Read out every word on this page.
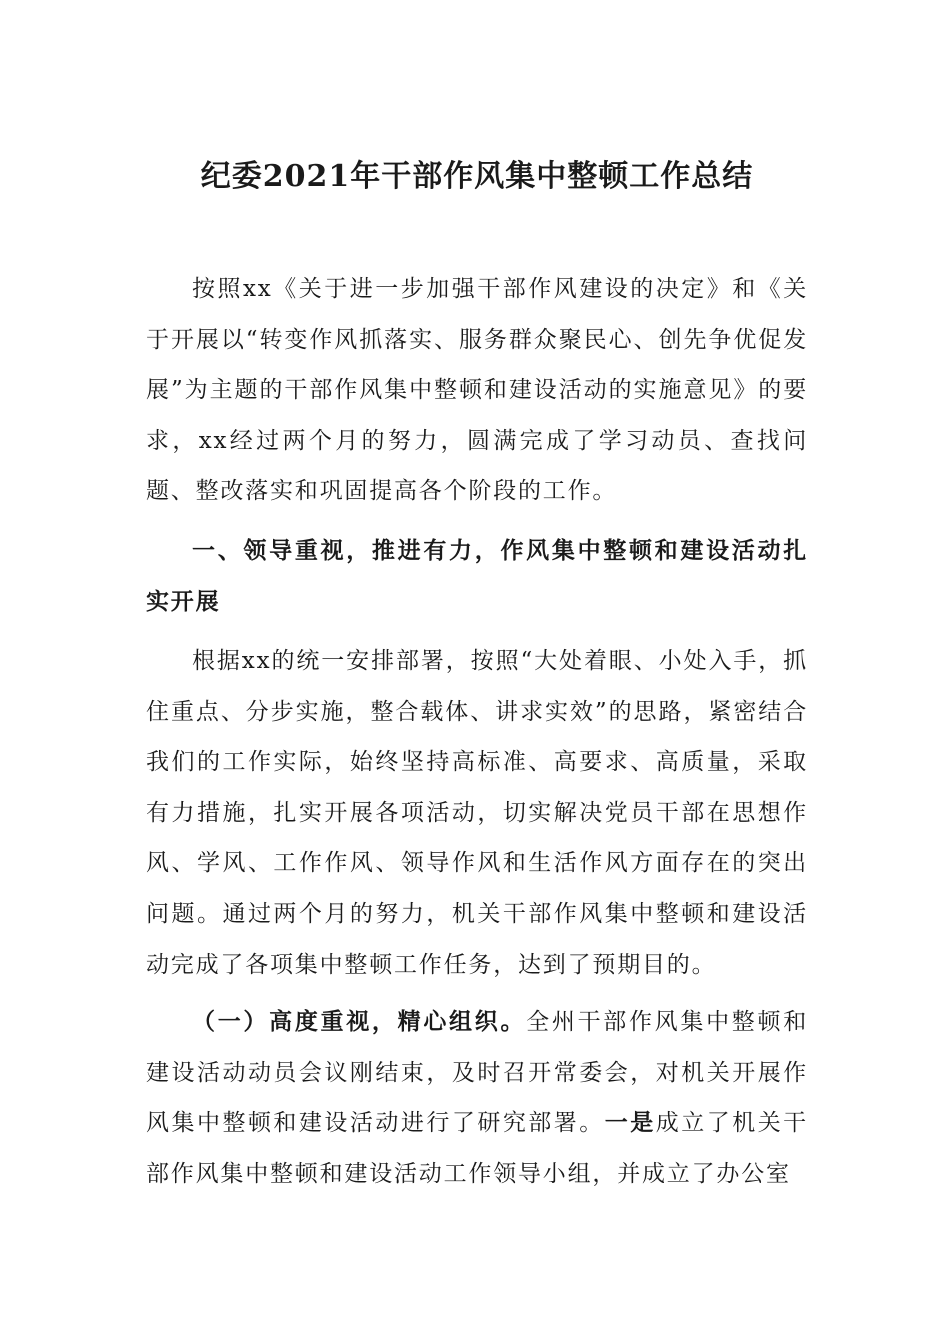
纪委2021年干部作风集中整顿工作总结

按照xx《关于进一步加强干部作风建设的决定》和《关于开展以“转变作风抓落实、服务群众聚民心、创先争优促发展”为主题的干部作风集中整顿和建设活动的实施意见》的要求，xx经过两个月的努力，圆满完成了学习动员、查找问题、整改落实和巩固提高各个阶段的工作。

一、领导重视，推进有力，作风集中整顿和建设活动扎实开展

根据xx的统一安排部署，按照“大处着眼、小处入手，抓住重点、分步实施，整合载体、讲求实效”的思路，紧密结合我们的工作实际，始终坚持高标准、高要求、高质量，采取有力措施，扎实开展各项活动，切实解决党员干部在思想作风、学风、工作作风、领导作风和生活作风方面存在的突出问题。通过两个月的努力，机关干部作风集中整顿和建设活动完成了各项集中整顿工作任务，达到了预期目的。

（一）高度重视，精心组织。全州干部作风集中整顿和建设活动动员会议刚结束，及时召开常委会，对机关开展作风集中整顿和建设活动进行了研究部署。一是成立了机关干部作风集中整顿和建设活动工作领导小组，并成立了办公室
